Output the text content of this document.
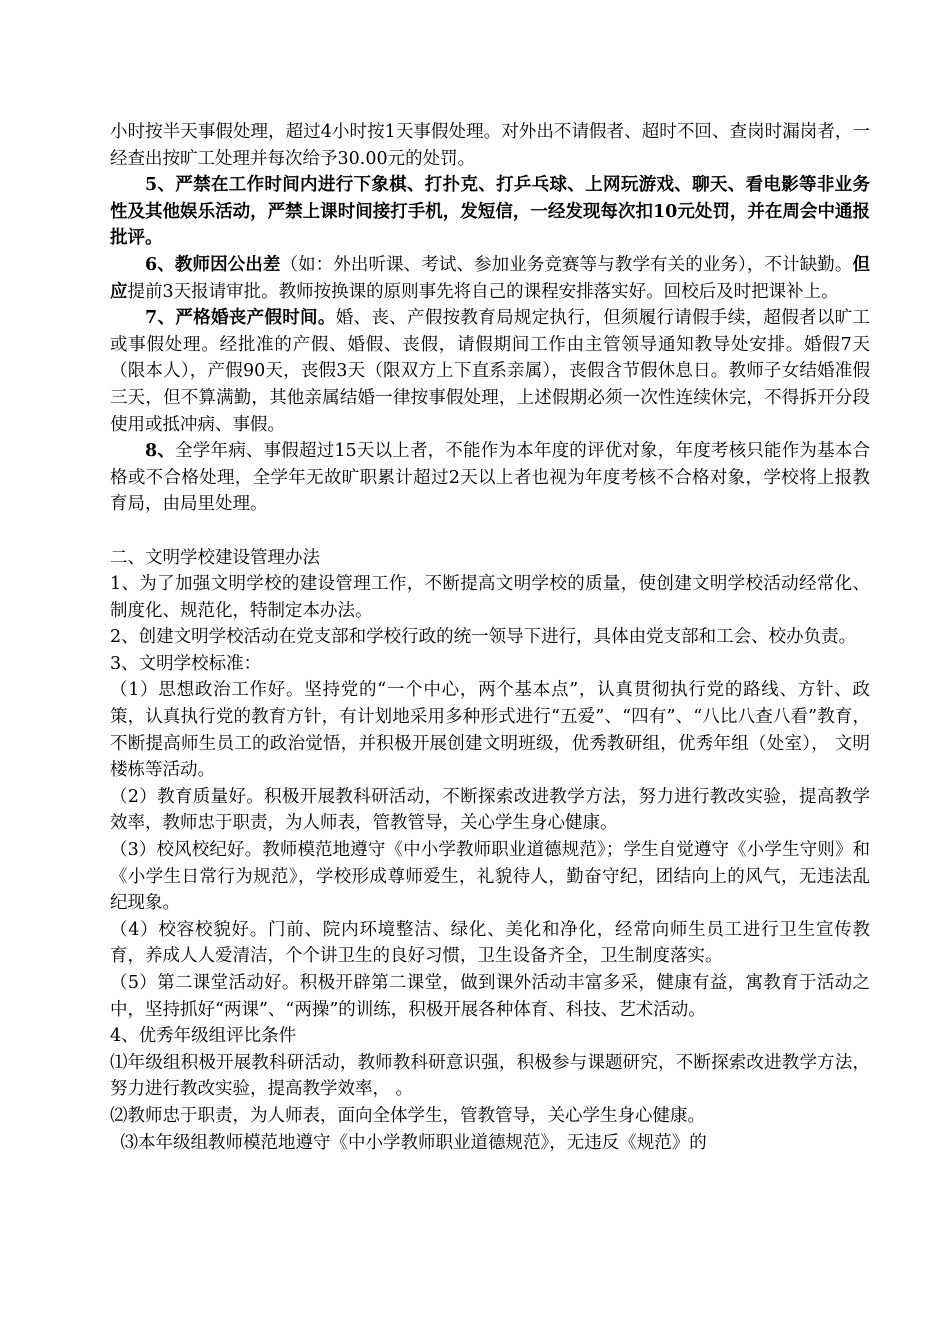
小时按半天事假处理，超过4小时按1天事假处理。对外出不请假者、超时不回、查岗时漏岗者，一经查出按旷工处理并每次给予30.00元的处罚。

5、严禁在工作时间内进行下象棋、打扑克、打乒乓球、上网玩游戏、聊天、看电影等非业务性及其他娱乐活动，严禁上课时间接打手机，发短信，一经发现每次扣10元处罚，并在周会中通报批评。

6、教师因公出差（如：外出听课、考试、参加业务竞赛等与教学有关的业务），不计缺勤。但应提前3天报请审批。教师按换课的原则事先将自己的课程安排落实好。回校后及时把课补上。

7、严格婚丧产假时间。婚、丧、产假按教育局规定执行，但须履行请假手续，超假者以旷工或事假处理。经批准的产假、婚假、丧假，请假期间工作由主管领导通知教导处安排。婚假7天（限本人），产假90天，丧假3天（限双方上下直系亲属），丧假含节假休息日。教师子女结婚准假三天，但不算满勤，其他亲属结婚一律按事假处理，上述假期必须一次性连续休完，不得拆开分段使用或抵冲病、事假。

8、全学年病、事假超过15天以上者，不能作为本年度的评优对象，年度考核只能作为基本合格或不合格处理，全学年无故旷职累计超过2天以上者也视为年度考核不合格对象，学校将上报教育局，由局里处理。

二、文明学校建设管理办法

1、为了加强文明学校的建设管理工作，不断提高文明学校的质量，使创建文明学校活动经常化、制度化、规范化，特制定本办法。

2、创建文明学校活动在党支部和学校行政的统一领导下进行，具体由党支部和工会、校办负责。

3、文明学校标准：

（1）思想政治工作好。坚持党的“一个中心，两个基本点”，认真贯彻执行党的路线、方针、政策，认真执行党的教育方针，有计划地采用多种形式进行“五爱”、“四有”、“八比八查八看”教育，不断提高师生员工的政治觉悟，并积极开展创建文明班级，优秀教研组，优秀年组（处室）， 文明楼栋等活动。

（2）教育质量好。积极开展教科研活动，不断探索改进教学方法，努力进行教改实验，提高教学效率，教师忠于职责，为人师表，管教管导，关心学生身心健康。

（3）校风校纪好。教师模范地遵守《中小学教师职业道德规范》；学生自觉遵守《小学生守则》和《小学生日常行为规范》，学校形成尊师爱生，礼貌待人，勤奋守纪，团结向上的风气，无违法乱纪现象。

（4）校容校貌好。门前、院内环境整洁、绿化、美化和净化，经常向师生员工进行卫生宣传教育，养成人人爱清洁，个个讲卫生的良好习惯，卫生设备齐全，卫生制度落实。

（5）第二课堂活动好。积极开辟第二课堂，做到课外活动丰富多采，健康有益，寓教育于活动之中，坚持抓好“两课”、“两操”的训练，积极开展各种体育、科技、艺术活动。

4、优秀年级组评比条件

⑴年级组积极开展教科研活动，教师教科研意识强，积极参与课题研究，不断探索改进教学方法，努力进行教改实验，提高教学效率， 。

⑵教师忠于职责，为人师表，面向全体学生，管教管导，关心学生身心健康。

⑶本年级组教师模范地遵守《中小学教师职业道德规范》，无违反《规范》的
